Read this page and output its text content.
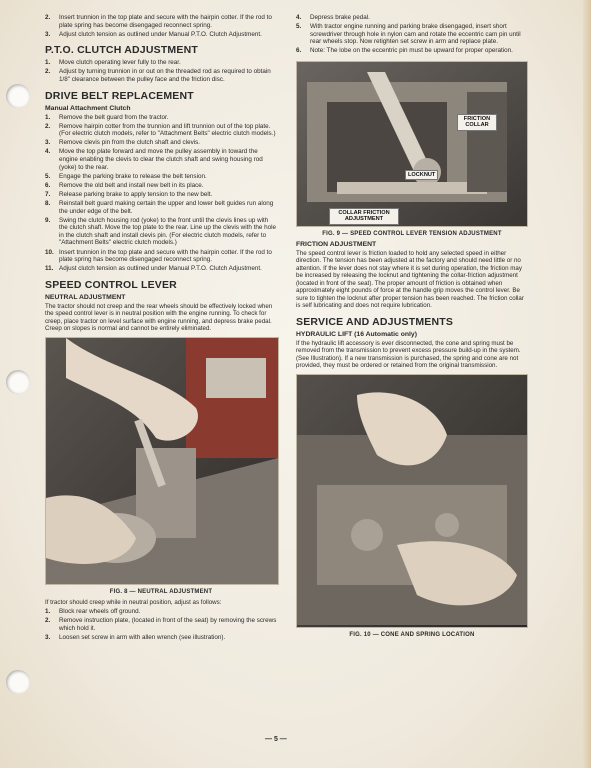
2.	Insert trunnion in the top plate and secure with the hairpin cotter. If the rod to plate spring has become disengaged reconnect spring.
3.	Adjust clutch tension as outlined under Manual P.T.O. Clutch Adjustment.
P.T.O. CLUTCH ADJUSTMENT
1.	Move clutch operating lever fully to the rear.
2.	Adjust by turning trunnion in or out on the threaded rod as required to obtain 1/8" clearance between the pulley face and the friction disc.
DRIVE BELT REPLACEMENT
Manual Attachment Clutch
1.	Remove the belt guard from the tractor.
2.	Remove hairpin cotter from the trunnion and lift trunnion out of the top plate. (For electric clutch models, refer to "Attachment Belts" electric clutch models.)
3.	Remove clevis pin from the clutch shaft and clevis.
4.	Move the top plate forward and move the pulley assembly in toward the engine enabling the clevis to clear the clutch shaft and swing housing rod (yoke) to the rear.
5.	Engage the parking brake to release the belt tension.
6.	Remove the old belt and install new belt in its place.
7.	Release parking brake to apply tension to the new belt.
8.	Reinstall belt guard making certain the upper and lower belt guides run along the under edge of the belt.
9.	Swing the clutch housing rod (yoke) to the front until the clevis lines up with the clutch shaft. Move the top plate to the rear. Line up the clevis with the hole in the clutch shaft and install clevis pin. (For electric clutch models, refer to "Attachment Belts" electric clutch models.)
10. Insert trunnion in the top plate and secure with the hairpin cotter. If the rod to plate spring has become disengaged reconnect spring.
11. Adjust clutch tension as outlined under Manual P.T.O. Clutch Adjustment.
SPEED CONTROL LEVER
NEUTRAL ADJUSTMENT

The tractor should not creep and the rear wheels should be effectively locked when the speed control lever is in neutral position with the engine running. To check for creep, place tractor on level surface with engine running, and depress brake pedal. Creep on slopes is normal and cannot be entirely eliminated.

FIG. 8 — NEUTRAL ADJUSTMENT

If tractor should creep while in neutral position, adjust as follows:

1.	Block rear wheels off ground.
2.	Remove instruction plate, (located in front of the seat) by removing the screws which hold it.
3.	Loosen set screw in arm with allen wrench (see illustration).
4.	Depress brake pedal.
5.	With tractor engine running and parking brake disengaged, insert short screwdriver through hole in nylon cam and rotate the eccentric cam pin until rear wheels stop. Now retighten set screw in arm and replace plate.
6.	Note: The lobe on the eccentric pin must be upward for proper operation.
FRICTION COLLAR
LOCKNUT
COLLAR FRICTION ADJUSTMENT
FIG. 9 — SPEED CONTROL LEVER TENSION ADJUSTMENT
FRICTION ADJUSTMENT

The speed control lever is friction loaded to hold any selected speed in either direction. The tension has been adjusted at the factory and should need little or no attention. If the lever does not stay where it is set during operation, the friction may be increased by releasing the locknut and tightening the collar-friction adjustment (located in front of the seat). The proper amount of friction is obtained when approximately eight pounds of force at the handle grip moves the control lever. Be sure to tighten the locknut after proper tension has been reached. The friction collar is self lubricating and does not require lubrication.

SERVICE AND ADJUSTMENTS
HYDRAULIC LIFT (16 Automatic only)

If the hydraulic lift accessory is ever disconnected, the cone and spring must be removed from the transmission to prevent excess pressure build-up in the system. (See Illustration). If a new transmission is purchased, the spring and cone are not provided, they must be ordered or retained from the original transmission.

FIG. 10 — CONE AND SPRING LOCATION
— 5 —
